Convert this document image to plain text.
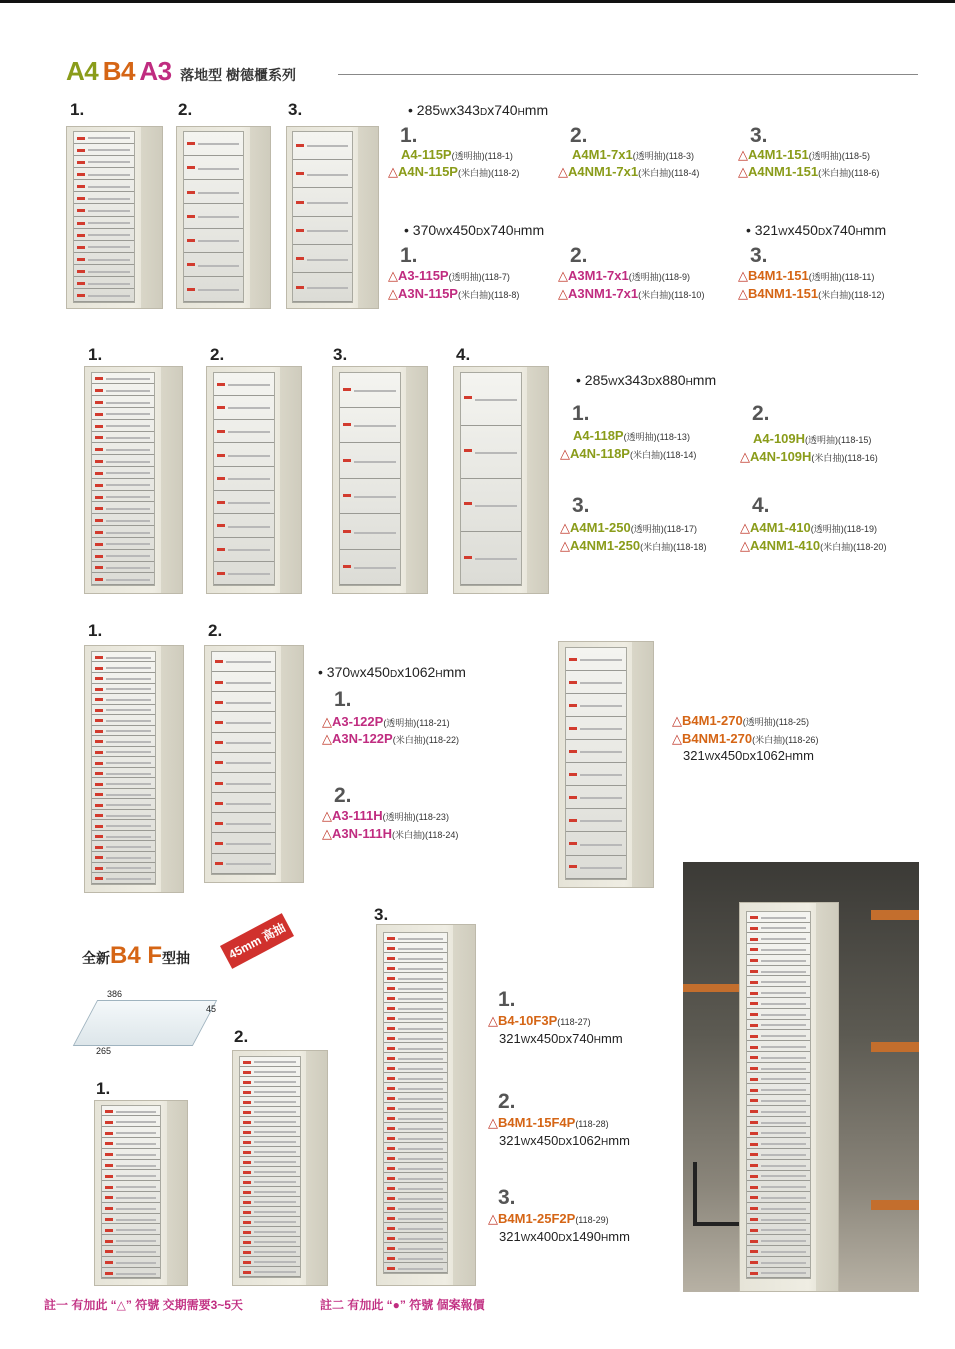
A4 B4 A3 落地型 樹德櫃系列
1.	2.	3.	• 285Wx343Dx740Hmm
1.	2.	3.
A4-115P(透明抽)(118-1)
△A4N-115P(米白抽)(118-2)
A4M1-7x1(透明抽)(118-3)
△A4NM1-7x1(米白抽)(118-4)
△A4M1-151(透明抽)(118-5)
△A4NM1-151(米白抽)(118-6)
• 370Wx450Dx740Hmm	• 321Wx450Dx740Hmm
1.	2.	3.
△A3-115P(透明抽)(118-7)
△A3N-115P(米白抽)(118-8)
△A3M1-7x1(透明抽)(118-9)
△A3NM1-7x1(米白抽)(118-10)
△B4M1-151(透明抽)(118-11)
△B4NM1-151(米白抽)(118-12)
1.	2.	3.	4.
• 285Wx343Dx880Hmm
1.	2.
A4-118P(透明抽)(118-13)
△A4N-118P(米白抽)(118-14)
A4-109H(透明抽)(118-15)
△A4N-109H(米白抽)(118-16)
3.	4.
△A4M1-250(透明抽)(118-17)
△A4NM1-250(米白抽)(118-18)
△A4M1-410(透明抽)(118-19)
△A4NM1-410(米白抽)(118-20)
1.	2.
• 370Wx450Dx1062Hmm
1.
△A3-122P(透明抽)(118-21)
△A3N-122P(米白抽)(118-22)
2.
△A3-111H(透明抽)(118-23)
△A3N-111H(米白抽)(118-24)
△B4M1-270(透明抽)(118-25)
△B4NM1-270(米白抽)(118-26)
321Wx450Dx1062Hmm
全新B4 F型抽	45mm 高抽
386
45
265
3.
2.
1.
1.
△B4-10F3P(118-27)
321Wx450Dx740Hmm
2.
△B4M1-15F4P(118-28)
321Wx450Dx1062Hmm
3.
△B4M1-25F2P(118-29)
321Wx400Dx1490Hmm
註一 有加此 “△” 符號 交期需要3~5天	註二 有加此 “●” 符號 個案報價
